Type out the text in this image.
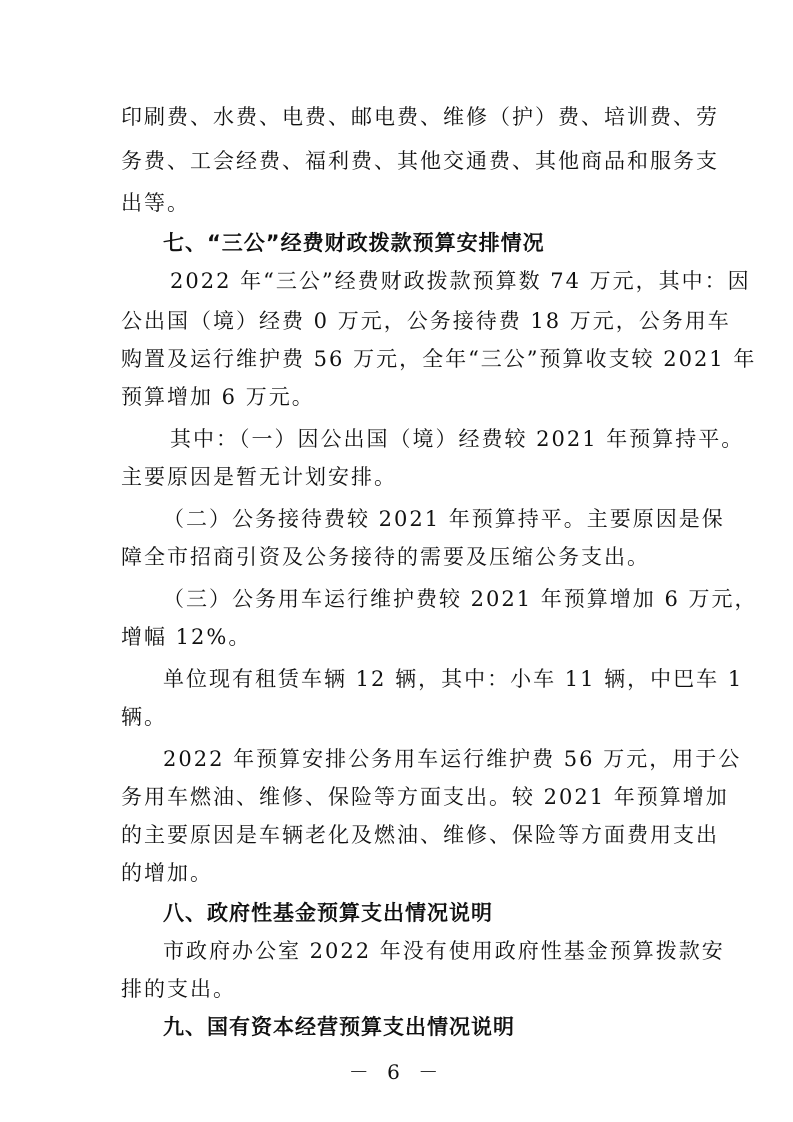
印刷费、水费、电费、邮电费、维修（护）费、培训费、劳
务费、工会经费、福利费、其他交通费、其他商品和服务支
出等。
七、“三公”经费财政拨款预算安排情况
2022 年“三公”经费财政拨款预算数 74 万元，其中：因
公出国（境）经费 0 万元，公务接待费 18 万元，公务用车
购置及运行维护费 56 万元，全年“三公”预算收支较 2021 年
预算增加 6 万元。
其中：（一）因公出国（境）经费较 2021 年预算持平。
主要原因是暂无计划安排。
（二）公务接待费较 2021 年预算持平。主要原因是保
障全市招商引资及公务接待的需要及压缩公务支出。
（三）公务用车运行维护费较 2021 年预算增加 6 万元，
增幅 12%。
单位现有租赁车辆 12 辆，其中：小车 11 辆，中巴车 1
辆。
2022 年预算安排公务用车运行维护费 56 万元，用于公
务用车燃油、维修、保险等方面支出。较 2021 年预算增加
的主要原因是车辆老化及燃油、维修、保险等方面费用支出
的增加。
八、政府性基金预算支出情况说明
市政府办公室 2022 年没有使用政府性基金预算拨款安
排的支出。
九、国有资本经营预算支出情况说明
－ 6 －
